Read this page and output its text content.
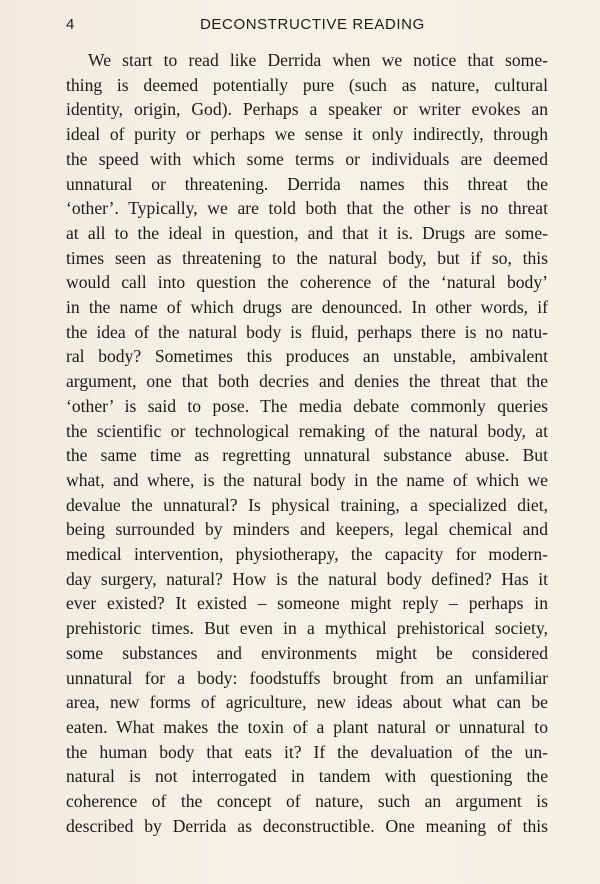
4	DECONSTRUCTIVE READING
We start to read like Derrida when we notice that some-
thing is deemed potentially pure (such as nature, cultural
identity, origin, God). Perhaps a speaker or writer evokes an
ideal of purity or perhaps we sense it only indirectly, through
the speed with which some terms or individuals are deemed
unnatural or threatening. Derrida names this threat the
‘other’. Typically, we are told both that the other is no threat
at all to the ideal in question, and that it is. Drugs are some-
times seen as threatening to the natural body, but if so, this
would call into question the coherence of the ‘natural body’
in the name of which drugs are denounced. In other words, if
the idea of the natural body is fluid, perhaps there is no natu-
ral body? Sometimes this produces an unstable, ambivalent
argument, one that both decries and denies the threat that the
‘other’ is said to pose. The media debate commonly queries
the scientific or technological remaking of the natural body, at
the same time as regretting unnatural substance abuse. But
what, and where, is the natural body in the name of which we
devalue the unnatural? Is physical training, a specialized diet,
being surrounded by minders and keepers, legal chemical and
medical intervention, physiotherapy, the capacity for modern-
day surgery, natural? How is the natural body defined? Has it
ever existed? It existed – someone might reply – perhaps in
prehistoric times. But even in a mythical prehistorical society,
some substances and environments might be considered
unnatural for a body: foodstuffs brought from an unfamiliar
area, new forms of agriculture, new ideas about what can be
eaten. What makes the toxin of a plant natural or unnatural to
the human body that eats it? If the devaluation of the un-
natural is not interrogated in tandem with questioning the
coherence of the concept of nature, such an argument is
described by Derrida as deconstructible. One meaning of this
